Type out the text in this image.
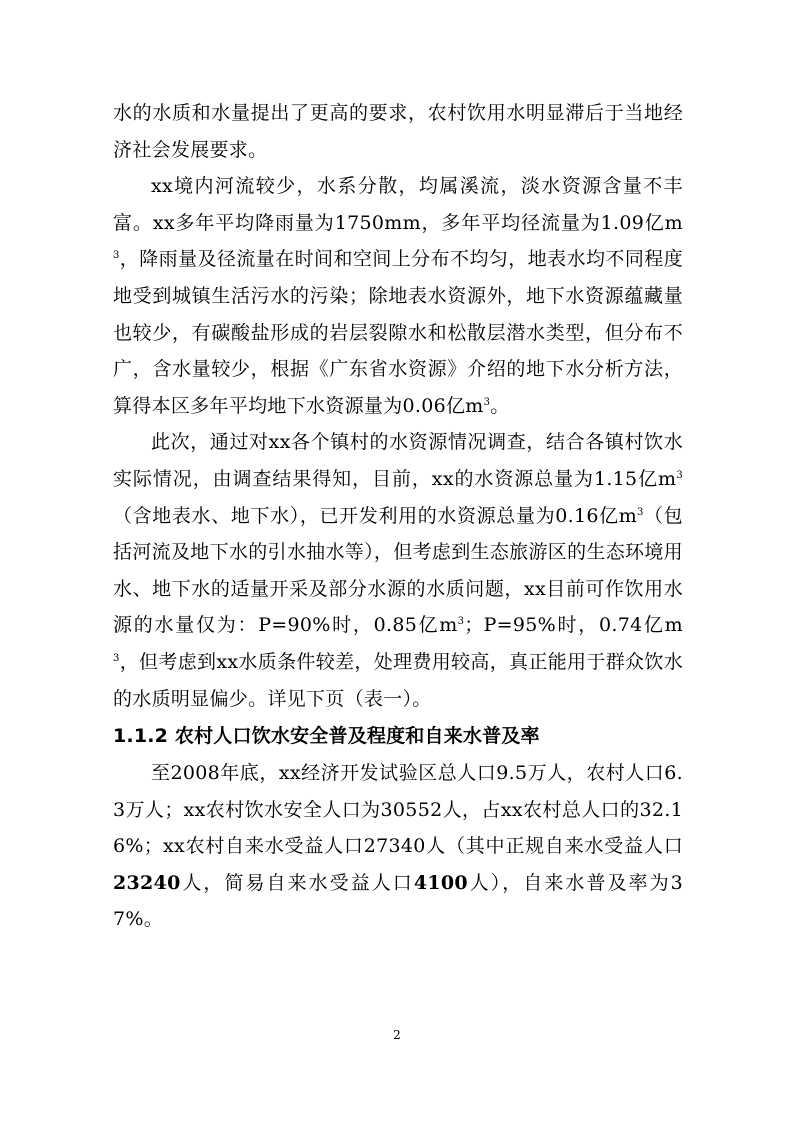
水的水质和水量提出了更高的要求，农村饮用水明显滞后于当地经济社会发展要求。

xx境内河流较少，水系分散，均属溪流，淡水资源含量不丰富。xx多年平均降雨量为1750mm，多年平均径流量为1.09亿$m^3$，降雨量及径流量在时间和空间上分布不均匀，地表水均不同程度地受到城镇生活污水的污染；除地表水资源外，地下水资源蕴藏量也较少，有碳酸盐形成的岩层裂隙水和松散层潜水类型，但分布不广，含水量较少，根据《广东省水资源》介绍的地下水分析方法，算得本区多年平均地下水资源量为0.06亿$m^3$。

此次，通过对xx各个镇村的水资源情况调查，结合各镇村饮水实际情况，由调查结果得知，目前，xx的水资源总量为1.15亿$m^3$（含地表水、地下水），已开发利用的水资源总量为0.16亿$m^3$（包括河流及地下水的引水抽水等），但考虑到生态旅游区的生态环境用水、地下水的适量开采及部分水源的水质问题，xx目前可作饮用水源的水量仅为：P=90%时，0.85亿$m^3$；P=95%时，0.74亿$m^3$，但考虑到xx水质条件较差，处理费用较高，真正能用于群众饮水的水质明显偏少。详见下页（表一）。

1.1.2 农村人口饮水安全普及程度和自来水普及率

至2008年底，xx经济开发试验区总人口9.5万人，农村人口6.3万人；xx农村饮水安全人口为30552人，占xx农村总人口的32.16%；xx农村自来水受益人口27340人（其中正规自来水受益人口23240人，简易自来水受益人口4100人），自来水普及率为37%。

2
